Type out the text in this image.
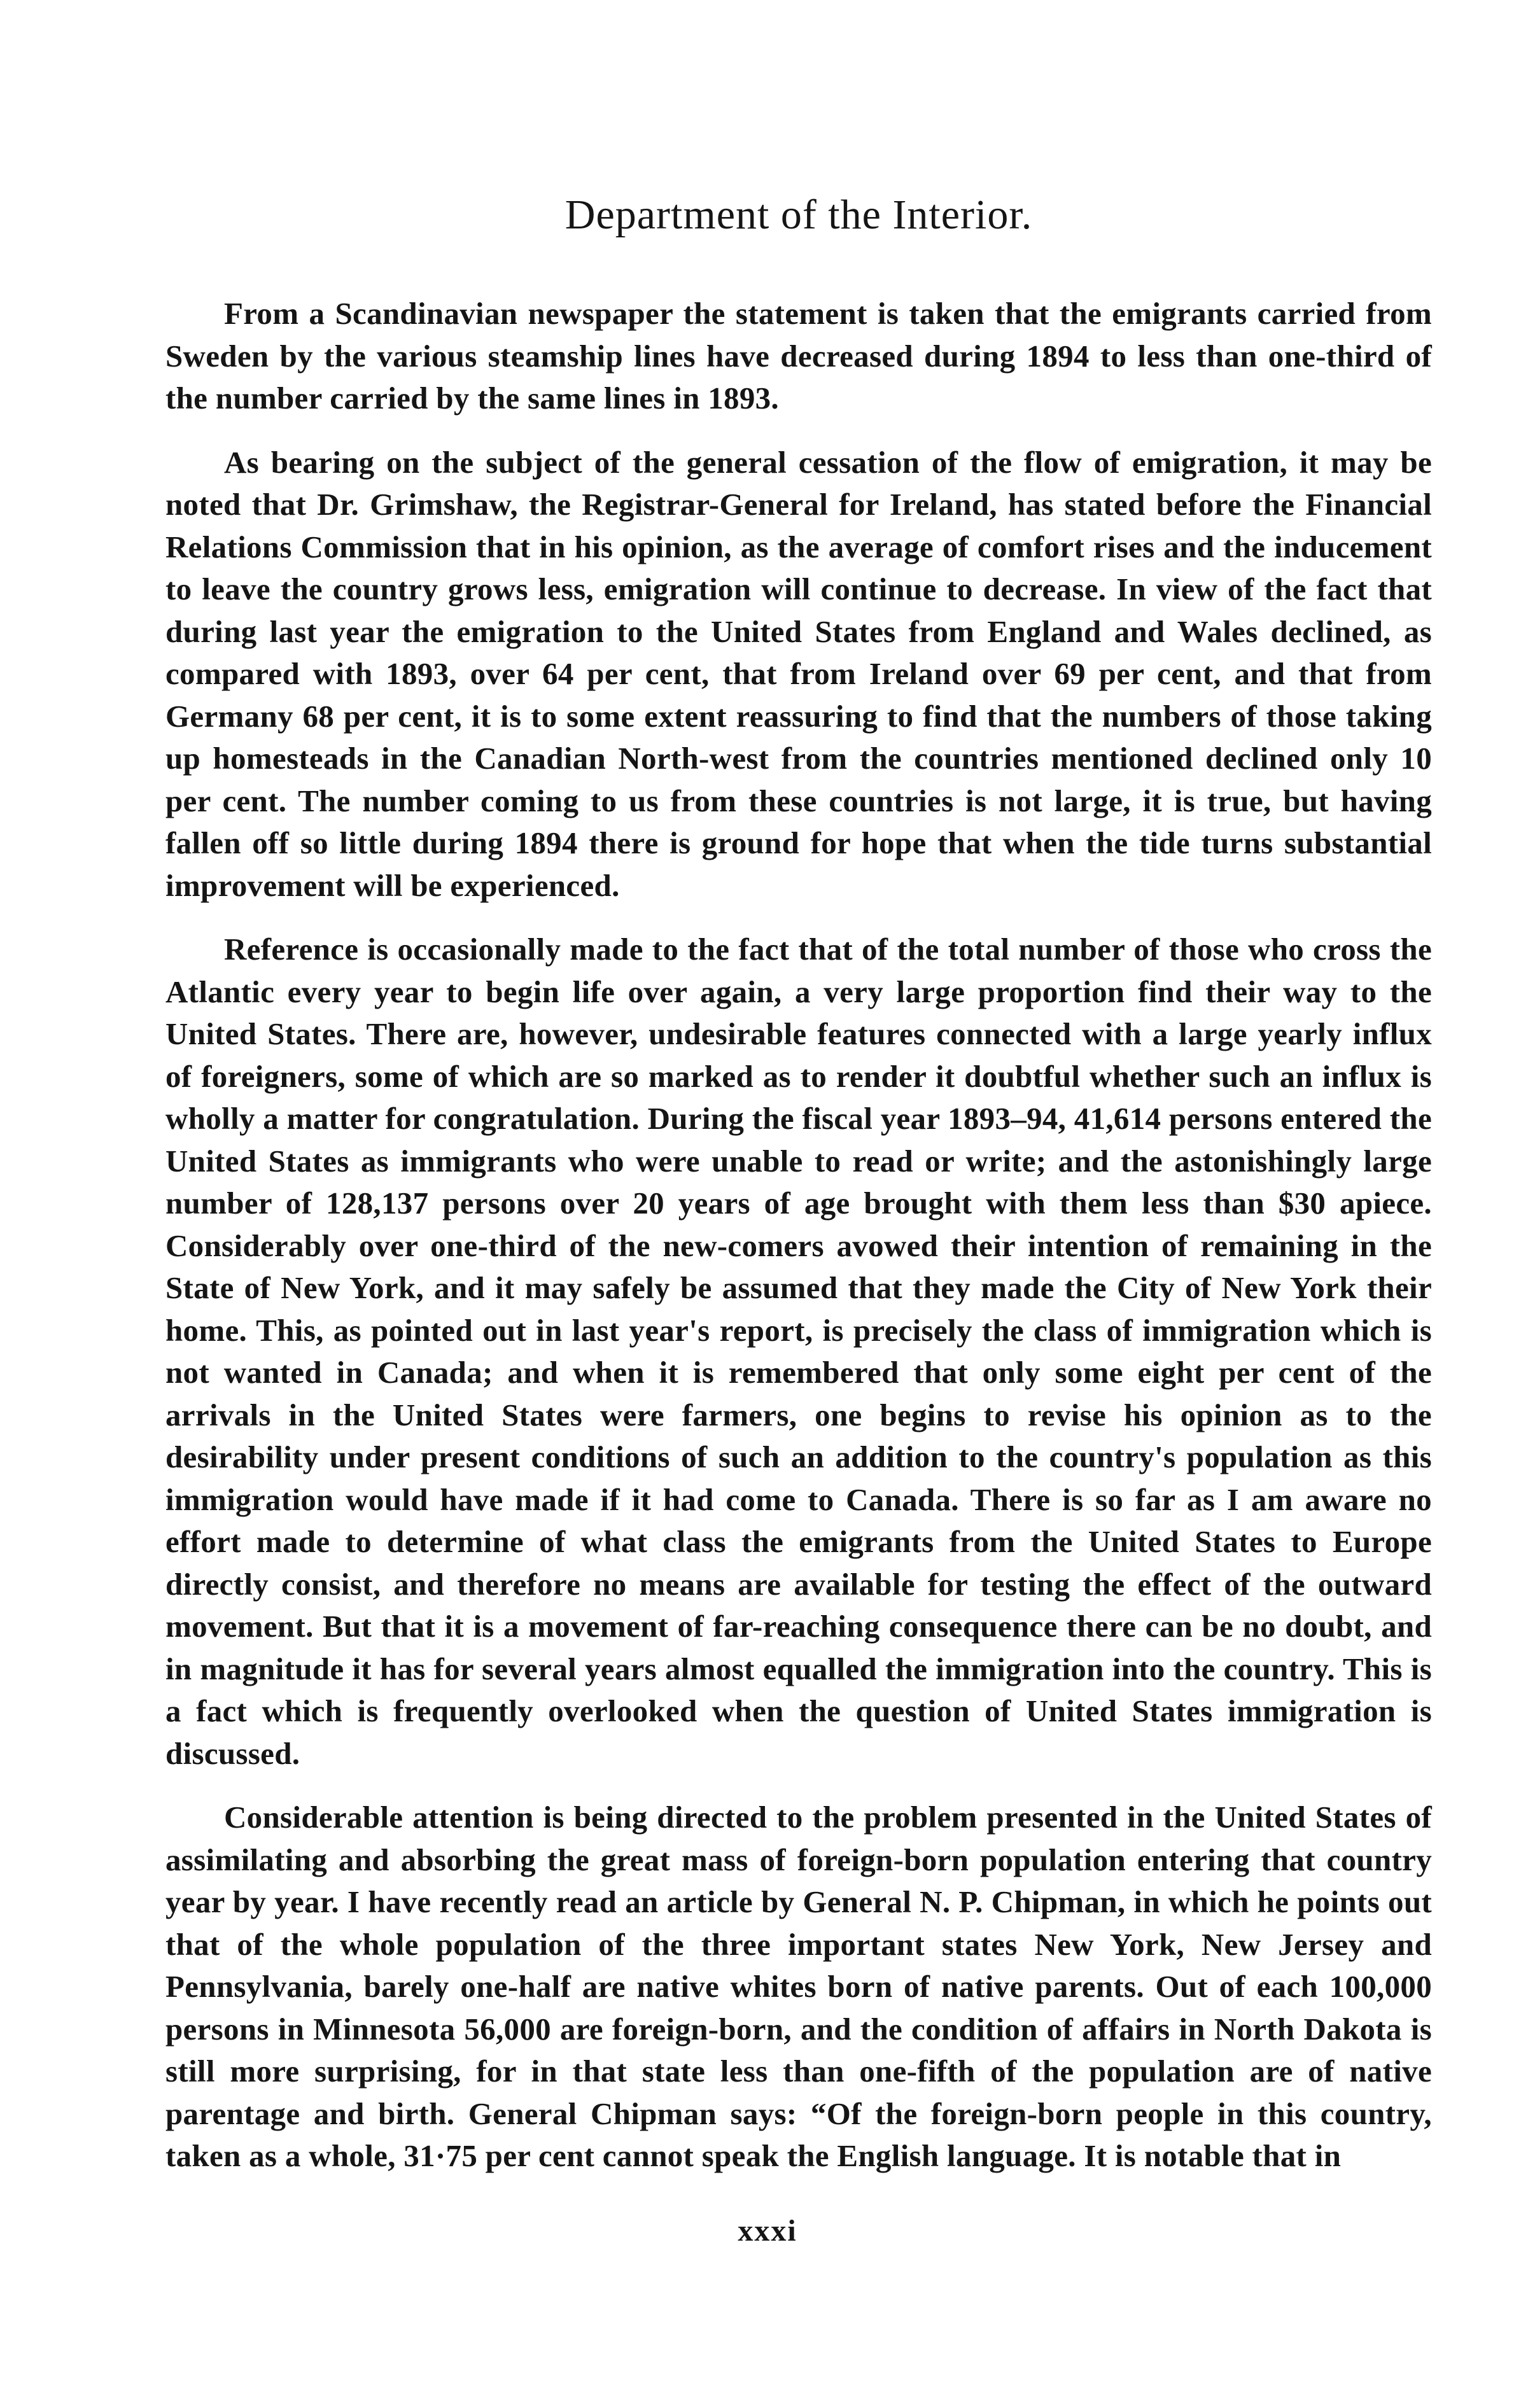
Department of the Interior.

From a Scandinavian newspaper the statement is taken that the emigrants carried from Sweden by the various steamship lines have decreased during 1894 to less than one-third of the number carried by the same lines in 1893.

As bearing on the subject of the general cessation of the flow of emigration, it may be noted that Dr. Grimshaw, the Registrar-General for Ireland, has stated before the Financial Relations Commission that in his opinion, as the average of comfort rises and the inducement to leave the country grows less, emigration will continue to decrease. In view of the fact that during last year the emigration to the United States from England and Wales declined, as compared with 1893, over 64 per cent, that from Ireland over 69 per cent, and that from Germany 68 per cent, it is to some extent reassuring to find that the numbers of those taking up homesteads in the Canadian North-west from the countries mentioned declined only 10 per cent. The number coming to us from these countries is not large, it is true, but having fallen off so little during 1894 there is ground for hope that when the tide turns substantial improvement will be experienced.

Reference is occasionally made to the fact that of the total number of those who cross the Atlantic every year to begin life over again, a very large proportion find their way to the United States. There are, however, undesirable features connected with a large yearly influx of foreigners, some of which are so marked as to render it doubtful whether such an influx is wholly a matter for congratulation. During the fiscal year 1893–94, 41,614 persons entered the United States as immigrants who were unable to read or write; and the astonishingly large number of 128,137 persons over 20 years of age brought with them less than $30 apiece. Considerably over one-third of the new-comers avowed their intention of remaining in the State of New York, and it may safely be assumed that they made the City of New York their home. This, as pointed out in last year's report, is precisely the class of immigration which is not wanted in Canada; and when it is remembered that only some eight per cent of the arrivals in the United States were farmers, one begins to revise his opinion as to the desirability under present conditions of such an addition to the country's population as this immigration would have made if it had come to Canada. There is so far as I am aware no effort made to determine of what class the emigrants from the United States to Europe directly consist, and therefore no means are available for testing the effect of the outward movement. But that it is a movement of far-reaching consequence there can be no doubt, and in magnitude it has for several years almost equalled the immigration into the country. This is a fact which is frequently overlooked when the question of United States immigration is discussed.

Considerable attention is being directed to the problem presented in the United States of assimilating and absorbing the great mass of foreign-born population entering that country year by year. I have recently read an article by General N. P. Chipman, in which he points out that of the whole population of the three important states New York, New Jersey and Pennsylvania, barely one-half are native whites born of native parents. Out of each 100,000 persons in Minnesota 56,000 are foreign-born, and the condition of affairs in North Dakota is still more surprising, for in that state less than one-fifth of the population are of native parentage and birth. General Chipman says: “Of the foreign-born people in this country, taken as a whole, 31·75 per cent cannot speak the English language. It is notable that in

xxxi
